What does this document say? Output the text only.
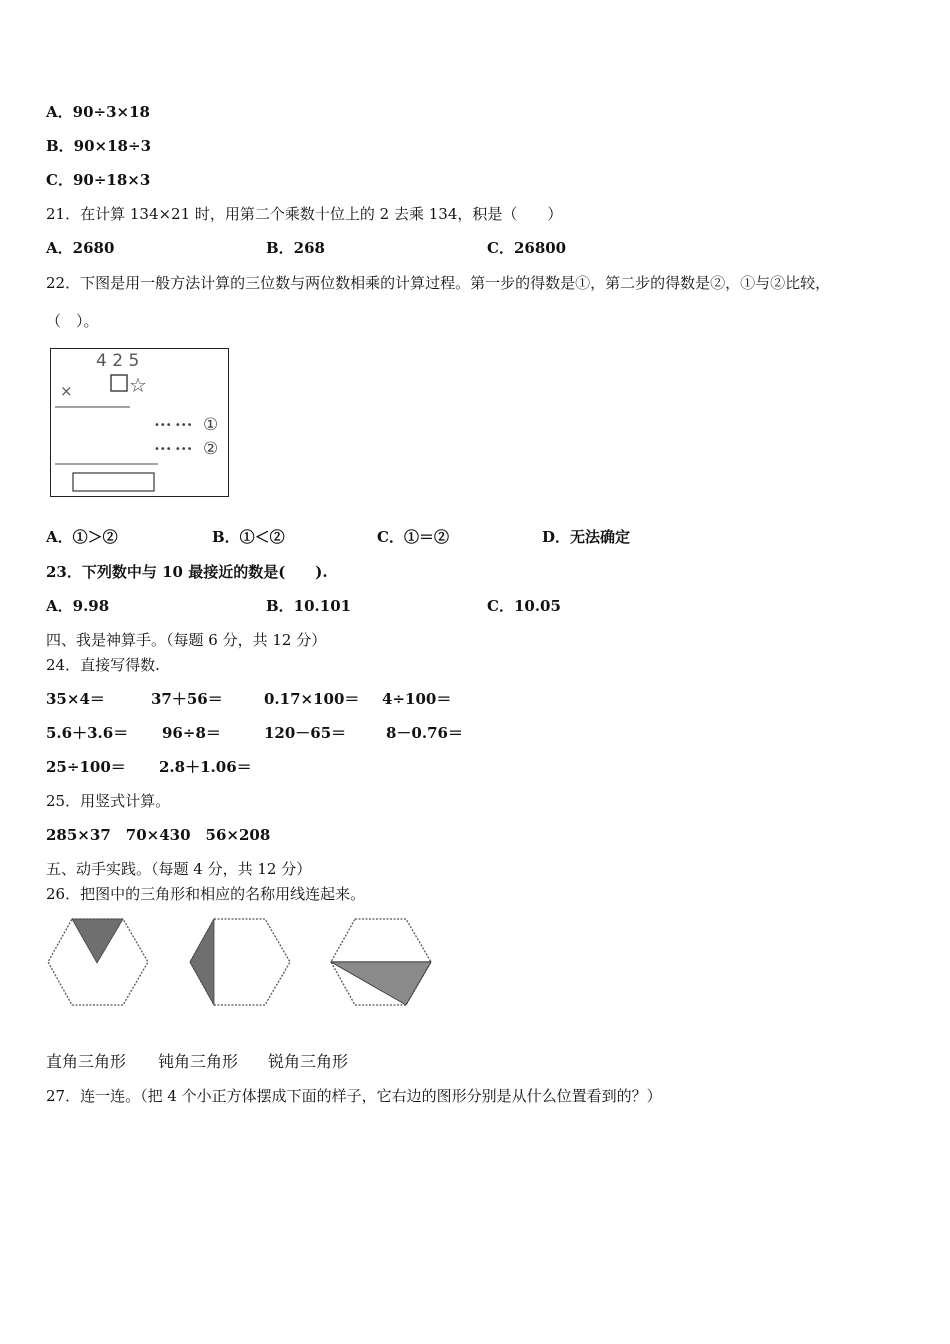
A．90÷3×18
B．90×18÷3
C．90÷18×3
21．在计算 134×21 时，用第二个乘数十位上的 2 去乘 134，积是（　　）
A．2680	B．268	C．26800
22．下图是用一般方法计算的三位数与两位数相乘的计算过程。第一步的得数是①，第二步的得数是②，①与②比较，
（　）。
4 2 5
×	☆
••• ••• ①
••• ••• ②
A．①＞②	B．①＜②	C．①＝②	D．无法确定
23．下列数中与 10 最接近的数是(　　).
A．9.98	B．10.101	C．10.05
四、我是神算手。（每题 6 分，共 12 分）
24．直接写得数.
35×4＝	37＋56＝	0.17×100＝ 4÷100＝
5.6＋3.6＝ 96÷8＝	120－65＝	8－0.76＝
25÷100＝ 2.8＋1.06＝
25．用竖式计算。
285×37　70×430　56×208
五、动手实践。（每题 4 分，共 12 分）
26．把图中的三角形和相应的名称用线连起来。
直角三角形 钝角三角形 锐角三角形
27．连一连。（把 4 个小正方体摆成下面的样子，它右边的图形分别是从什么位置看到的？）
